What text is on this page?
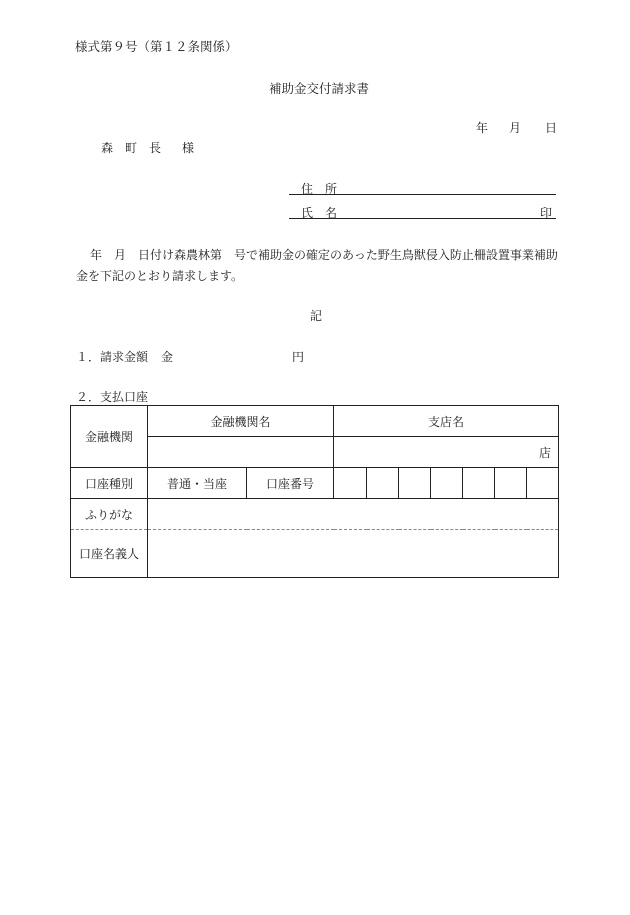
様式第９号（第１２条関係）
補助金交付請求書
年 月 日
森　町　長 様
住　所
氏　名	印
年　月　日付け森農林第　号で補助金の確定のあった野生鳥獣侵入防止柵設置事業補助
金を下記のとおり請求します。
記
１．請求金額 金	円
２．支払口座
金融機関	金融機関名		支店名						
			店						
口座種別	普通・当座	口座番号							
ふりがな									
口座名義人									
